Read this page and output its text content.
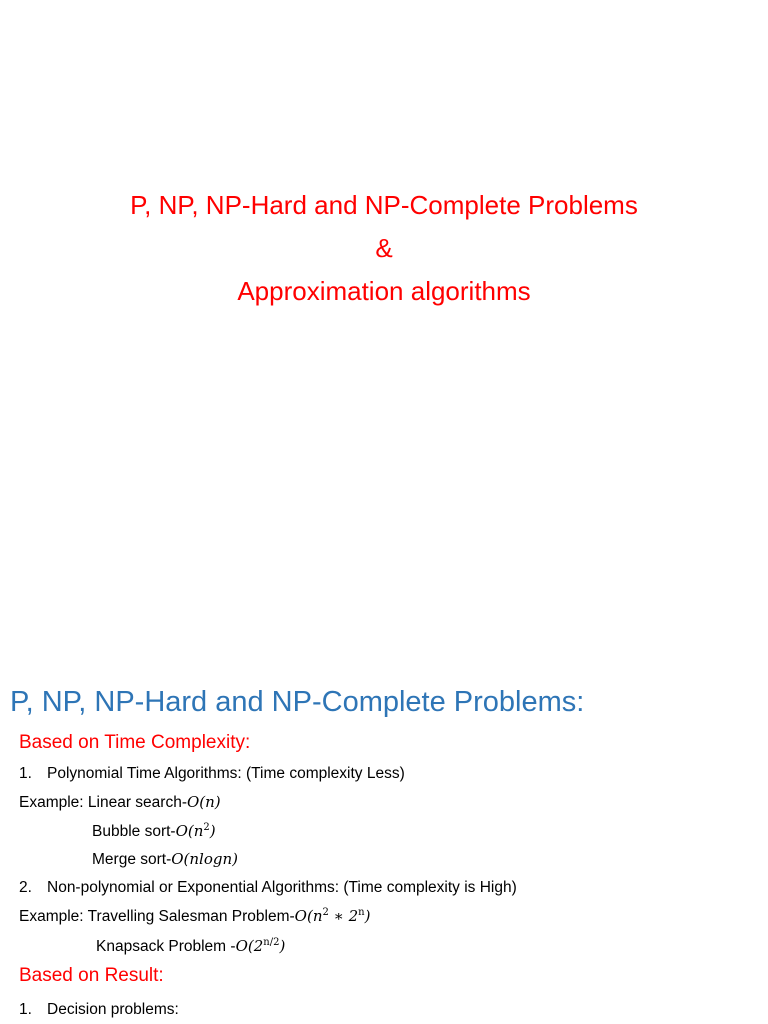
P, NP, NP-Hard and NP-Complete Problems
&
Approximation algorithms
P, NP, NP-Hard and NP-Complete Problems:
Based on Time Complexity:
1. Polynomial Time Algorithms: (Time complexity Less)
Example: Linear search-O(n)
Bubble sort-$O(n^2)$
Merge sort-O(nlogn)
2. Non-polynomial or Exponential Algorithms: (Time complexity is High)
Example: Travelling Salesman Problem-$O(n^2$ ∗ 2$^n$)
Knapsack Problem $-O(2^{n/2})$
Based on Result:
1. Decision problems:
